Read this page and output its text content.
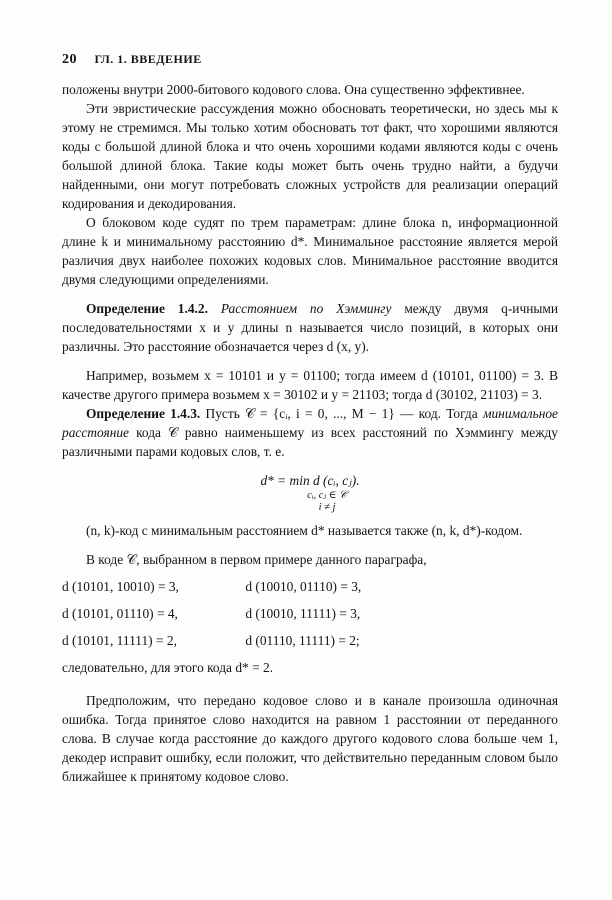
20 ГЛ. 1. ВВЕДЕНИЕ

положены внутри 2000-битового кодового слова. Она существенно эффективнее.

Эти эвристические рассуждения можно обосновать теоретически, но здесь мы к этому не стремимся. Мы только хотим обосновать тот факт, что хорошими являются коды с большой длиной блока и что очень хорошими кодами являются коды с очень большой длиной блока. Такие коды может быть очень трудно найти, а будучи найденными, они могут потребовать сложных устройств для реализации операций кодирования и декодирования.

О блоковом коде судят по трем параметрам: длине блока n, информационной длине k и минимальному расстоянию d*. Минимальное расстояние является мерой различия двух наиболее похожих кодовых слов. Минимальное расстояние вводится двумя следующими определениями.

Определение 1.4.2. Расстоянием по Хэммингу между двумя q-ичными последовательностями x и y длины n называется число позиций, в которых они различны. Это расстояние обозначается через d (x, y).

Например, возьмем x = 10101 и y = 01100; тогда имеем d (10101, 01100) = 3. В качестве другого примера возьмем x = 30102 и y = 21103; тогда d (30102, 21103) = 3.

Определение 1.4.3. Пусть 𝒞 = {cᵢ, i = 0, ..., M − 1} — код. Тогда минимальное расстояние кода 𝒞 равно наименьшему из всех расстояний по Хэммингу между различными парами кодовых слов, т. е.

d* = min d (cᵢ, cⱼ).
cᵢ, cⱼ ∈ 𝒞
i ≠ j

(n, k)-код с минимальным расстоянием d* называется также (n, k, d*)-кодом.

В коде 𝒞, выбранном в первом примере данного параграфа,

d (10101, 10010) = 3,	d (10010, 01110) = 3,

d (10101, 01110) = 4,	d (10010, 11111) = 3,

d (10101, 11111) = 2,	d (01110, 11111) = 2;

следовательно, для этого кода d* = 2.

Предположим, что передано кодовое слово и в канале произошла одиночная ошибка. Тогда принятое слово находится на равном 1 расстоянии от переданного слова. В случае когда расстояние до каждого другого кодового слова больше чем 1, декодер исправит ошибку, если положит, что действительно переданным словом было ближайшее к принятому кодовое слово.
